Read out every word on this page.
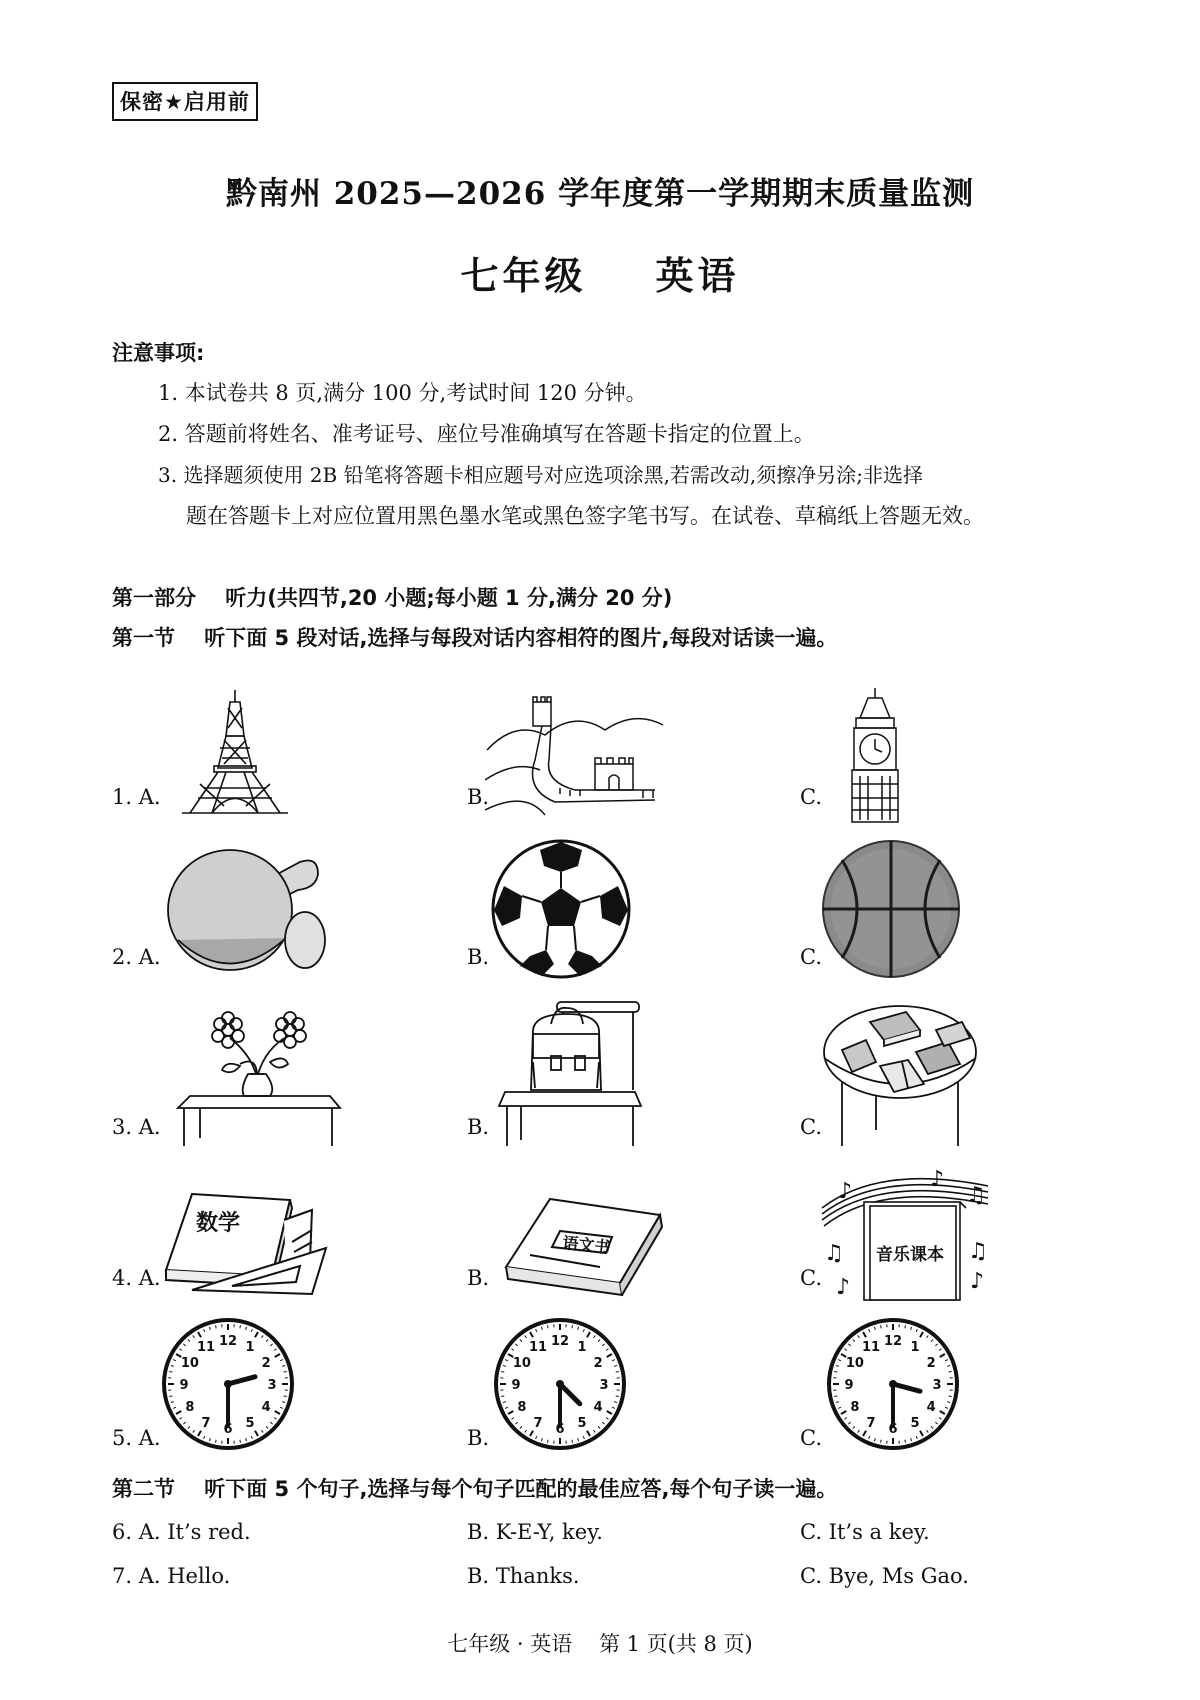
保密★启用前
黔南州 2025—2026 学年度第一学期期末质量监测
七年级    英语
注意事项:
1. 本试卷共 8 页,满分 100 分,考试时间 120 分钟。
2. 答题前将姓名、准考证号、座位号准确填写在答题卡指定的位置上。
3. 选择题须使用 2B 铅笔将答题卡相应题号对应选项涂黑,若需改动,须擦净另涂;非选择
题在答题卡上对应位置用黑色墨水笔或黑色签字笔书写。在试卷、草稿纸上答题无效。
第一部分    听力(共四节,20 小题;每小题 1 分,满分 20 分)
第一节    听下面 5 段对话,选择与每段对话内容相符的图片,每段对话读一遍。
1. A.	B.	C.
2. A.	B.	C.
3. A.	B.	C.
4. A.	B.	C.
数学
语文书
♪	♪
♫
♫	♫
♪	♪
音乐课本
5. A.	B.	C.
12 1
2
3
4
5
6
7
8
9
10
11	12 1
2
3
4
5
6
7
8
9
10
11	12 1
2
3
4
5
6
7
8
9
10
11
第二节    听下面 5 个句子,选择与每个句子匹配的最佳应答,每个句子读一遍。
6. A. It’s red.	B. K-E-Y, key.	C. It’s a key.
7. A. Hello.	B. Thanks.	C. Bye, Ms Gao.
七年级 · 英语    第 1 页(共 8 页)
